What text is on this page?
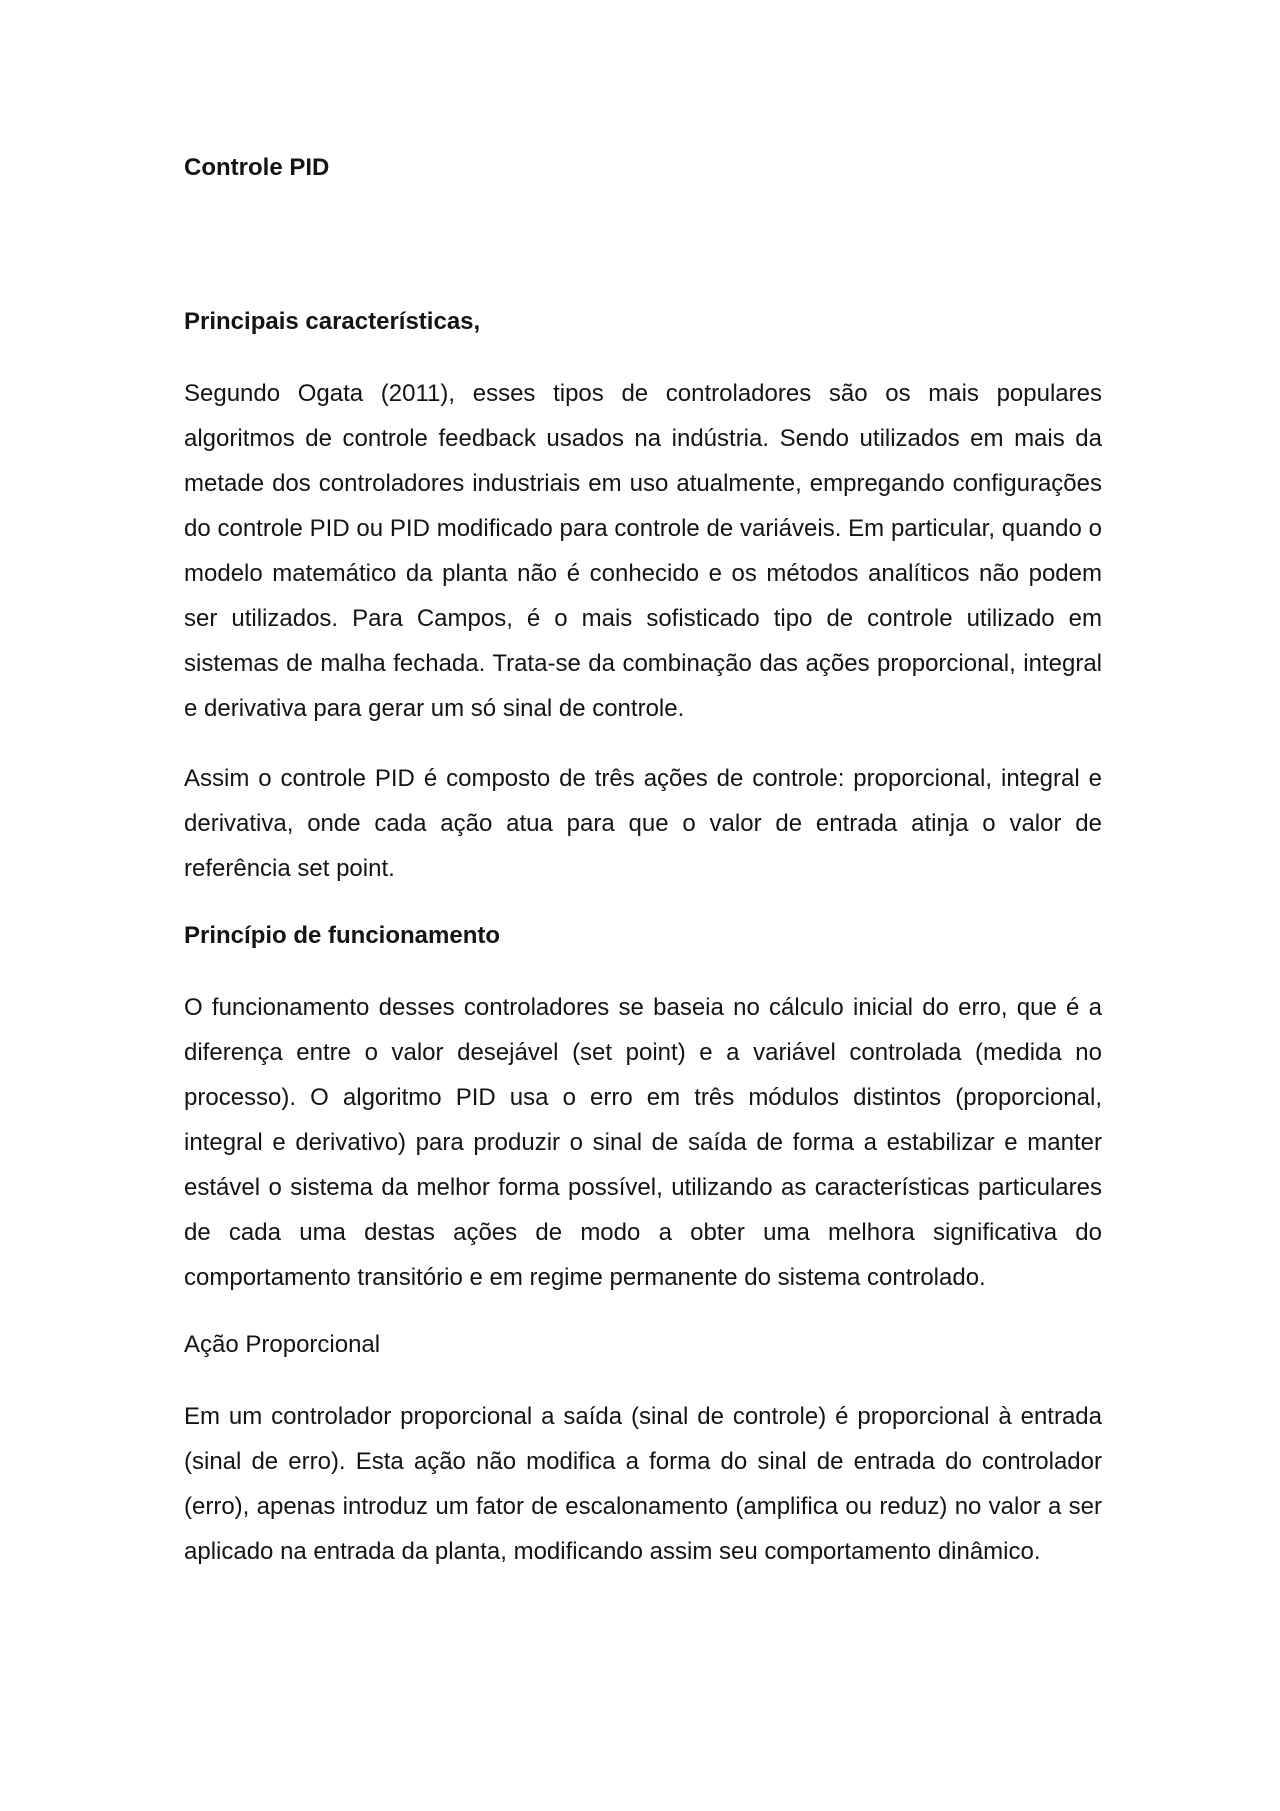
Controle PID
Principais características,

Segundo Ogata (2011), esses tipos de controladores são os mais populares algoritmos de controle feedback usados na indústria. Sendo utilizados em mais da metade dos controladores industriais em uso atualmente, empregando configurações do controle PID ou PID modificado para controle de variáveis. Em particular, quando o modelo matemático da planta não é conhecido e os métodos analíticos não podem ser utilizados. Para Campos, é o mais sofisticado tipo de controle utilizado em sistemas de malha fechada. Trata-se da combinação das ações proporcional, integral e derivativa para gerar um só sinal de controle.

Assim o controle PID é composto de três ações de controle: proporcional, integral e derivativa, onde cada ação atua para que o valor de entrada atinja o valor de referência set point.

Princípio de funcionamento

O funcionamento desses controladores se baseia no cálculo inicial do erro, que é a diferença entre o valor desejável (set point) e a variável controlada (medida no processo). O algoritmo PID usa o erro em três módulos distintos (proporcional, integral e derivativo) para produzir o sinal de saída de forma a estabilizar e manter estável o sistema da melhor forma possível, utilizando as características particulares de cada uma destas ações de modo a obter uma melhora significativa do comportamento transitório e em regime permanente do sistema controlado.

Ação Proporcional

Em um controlador proporcional a saída (sinal de controle) é proporcional à entrada (sinal de erro). Esta ação não modifica a forma do sinal de entrada do controlador (erro), apenas introduz um fator de escalonamento (amplifica ou reduz) no valor a ser aplicado na entrada da planta, modificando assim seu comportamento dinâmico.
